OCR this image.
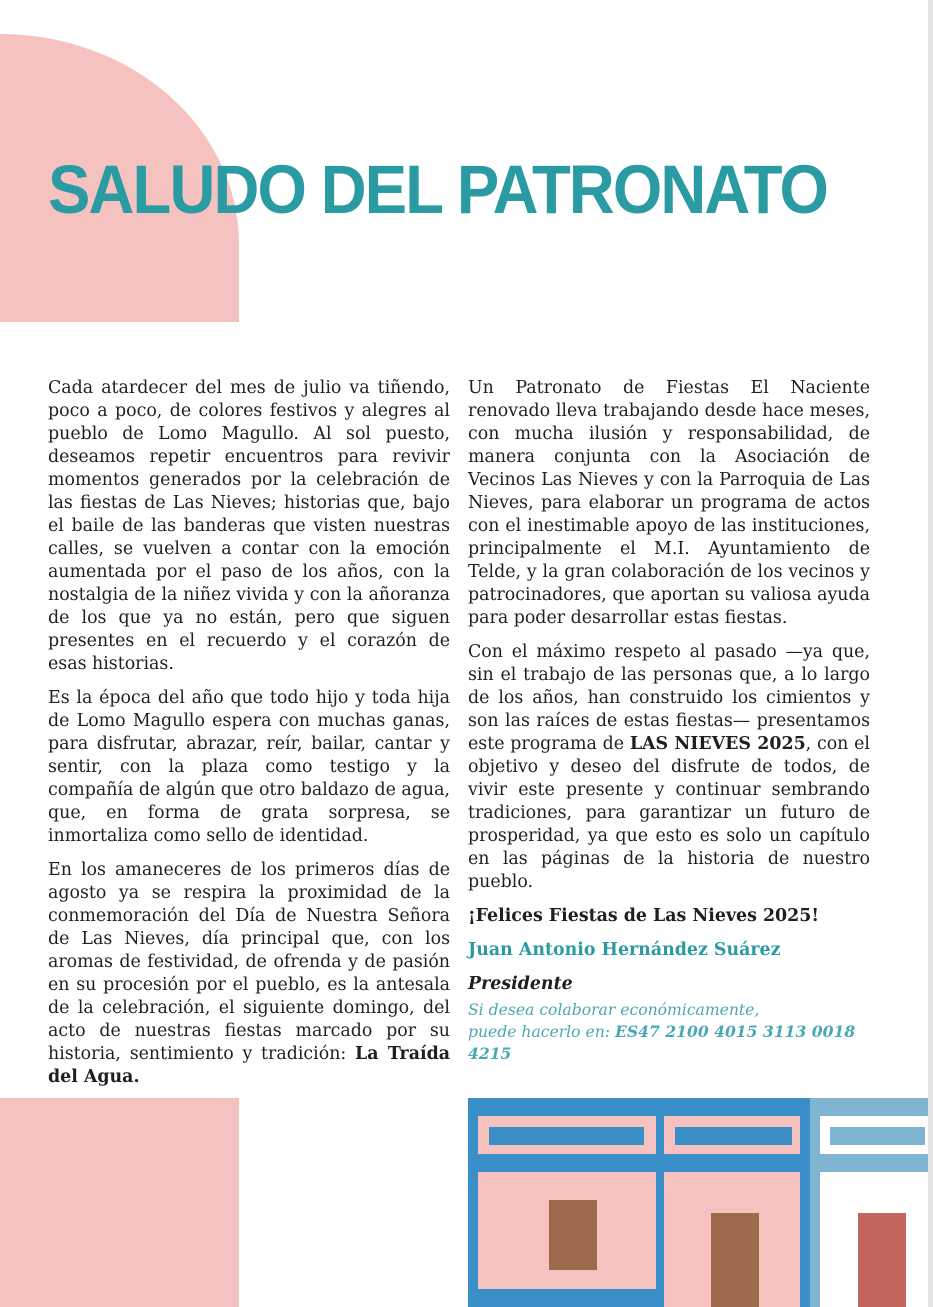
SALUDO DEL PATRONATO

Cada atardecer del mes de julio va tiñendo, poco a poco, de colores festivos y alegres al pueblo de Lomo Magullo. Al sol puesto, deseamos repetir encuentros para revivir momentos generados por la celebración de las fiestas de Las Nieves; historias que, bajo el baile de las banderas que visten nuestras calles, se vuelven a contar con la emoción aumentada por el paso de los años, con la nostalgia de la niñez vivida y con la añoranza de los que ya no están, pero que siguen presentes en el recuerdo y el corazón de esas historias.

Es la época del año que todo hijo y toda hija de Lomo Magullo espera con muchas ganas, para disfrutar, abrazar, reír, bailar, cantar y sentir, con la plaza como testigo y la compañía de algún que otro baldazo de agua, que, en forma de grata sorpresa, se inmortaliza como sello de identidad.

En los amaneceres de los primeros días de agosto ya se respira la proximidad de la conmemoración del Día de Nuestra Señora de Las Nieves, día principal que, con los aromas de festividad, de ofrenda y de pasión en su procesión por el pueblo, es la antesala de la celebración, el siguiente domingo, del acto de nuestras fiestas marcado por su historia, sentimiento y tradición: La Traída del Agua.

Un Patronato de Fiestas El Naciente renovado lleva trabajando desde hace meses, con mucha ilusión y responsabilidad, de manera conjunta con la Asociación de Vecinos Las Nieves y con la Parroquia de Las Nieves, para elaborar un programa de actos con el inestimable apoyo de las instituciones, principalmente el M.I. Ayuntamiento de Telde, y la gran colaboración de los vecinos y patrocinadores, que aportan su valiosa ayuda para poder desarrollar estas fiestas.

Con el máximo respeto al pasado —ya que, sin el trabajo de las personas que, a lo largo de los años, han construido los cimientos y son las raíces de estas fiestas— presentamos este programa de LAS NIEVES 2025, con el objetivo y deseo del disfrute de todos, de vivir este presente y continuar sembrando tradiciones, para garantizar un futuro de prosperidad, ya que esto es solo un capítulo en las páginas de la historia de nuestro pueblo.

¡Felices Fiestas de Las Nieves 2025!

Juan Antonio Hernández Suárez

Presidente

Si desea colaborar económicamente,
puede hacerlo en: ES47 2100 4015 3113 0018 4215
